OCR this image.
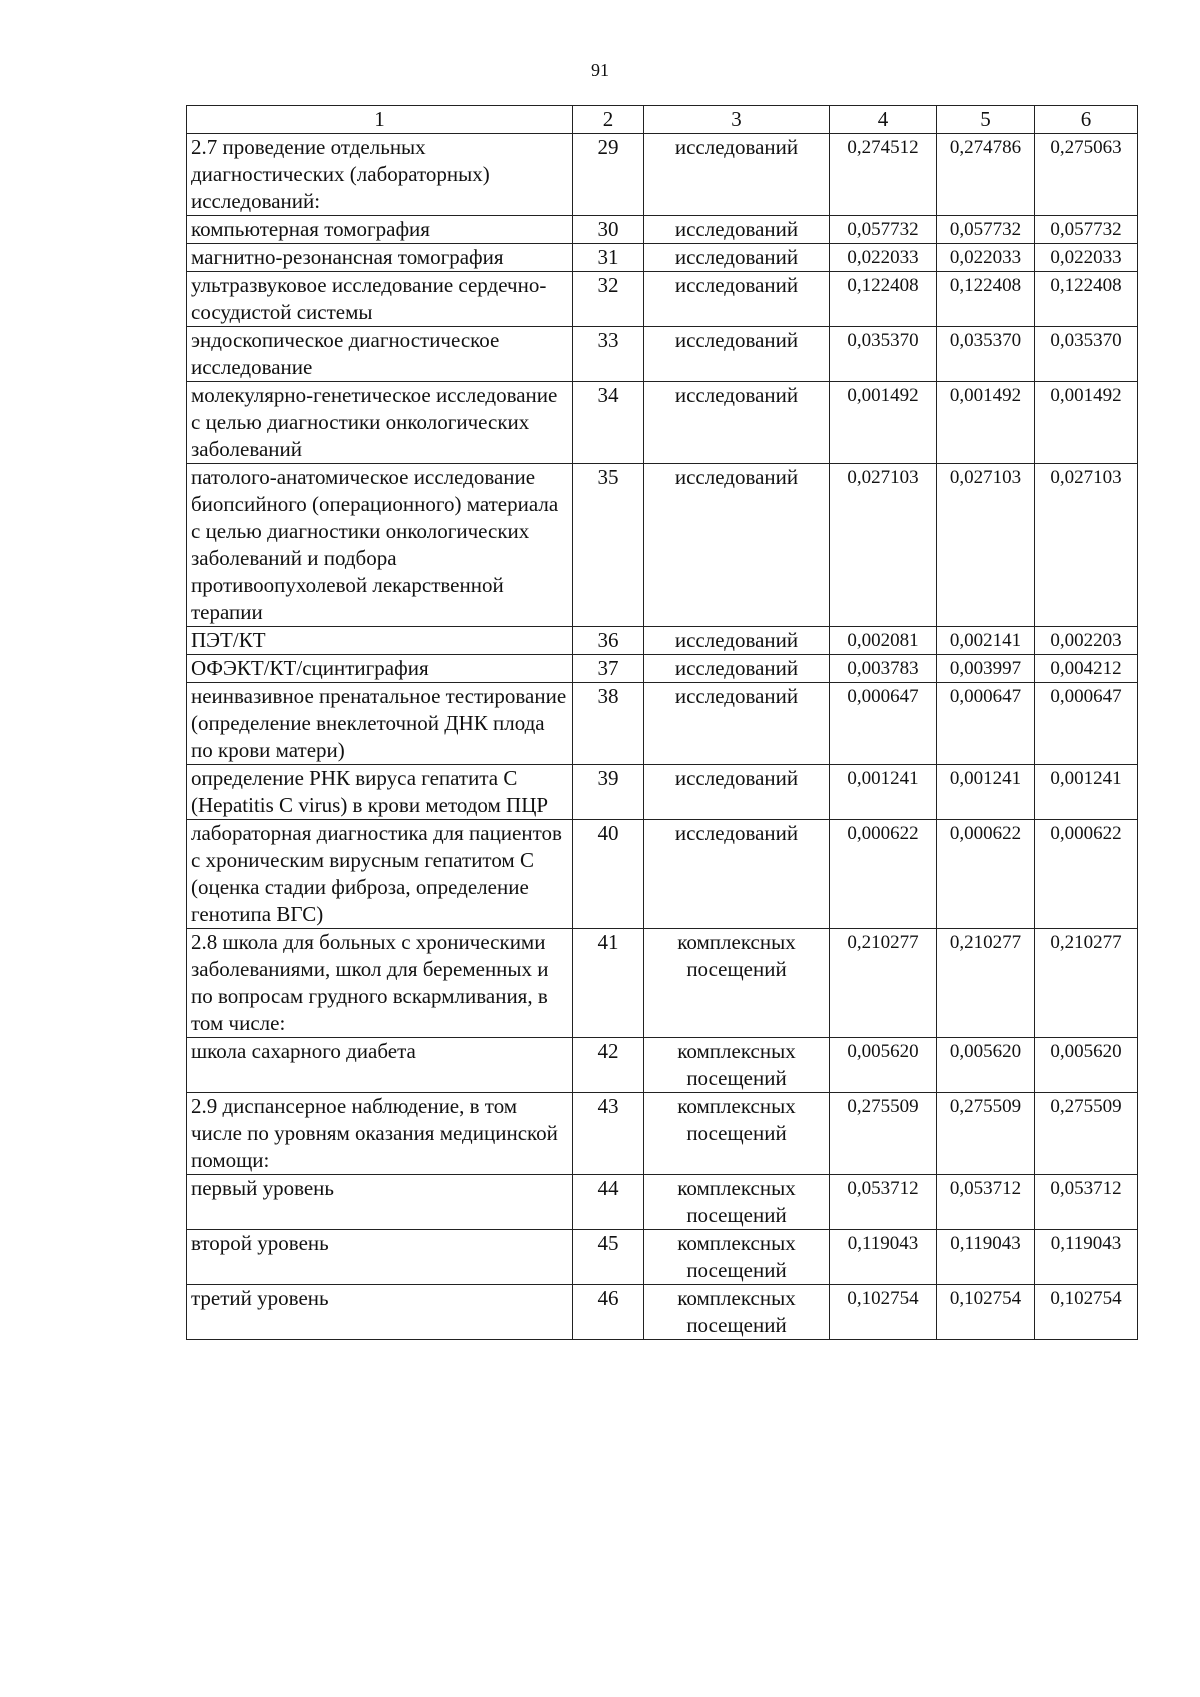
91
1	2	3	4	5	6
2.7 проведение отдельных диагностических (лабораторных) исследований:	29	исследований	0,274512	0,274786	0,275063
компьютерная томография	30	исследований	0,057732	0,057732	0,057732
магнитно-резонансная томография	31	исследований	0,022033	0,022033	0,022033
ультразвуковое исследование сердечно-сосудистой системы	32	исследований	0,122408	0,122408	0,122408
эндоскопическое диагностическое исследование	33	исследований	0,035370	0,035370	0,035370
молекулярно-генетическое исследование с целью диагностики онкологических заболеваний	34	исследований	0,001492	0,001492	0,001492
патолого-анатомическое исследование биопсийного (операционного) материала с целью диагностики онкологических заболеваний и подбора противоопухолевой лекарственной терапии	35	исследований	0,027103	0,027103	0,027103
ПЭТ/КТ	36	исследований	0,002081	0,002141	0,002203
ОФЭКТ/КТ/сцинтиграфия	37	исследований	0,003783	0,003997	0,004212
неинвазивное пренатальное тестирование (определение внеклеточной ДНК плода по крови матери)	38	исследований	0,000647	0,000647	0,000647
определение РНК вируса гепатита C (Hepatitis C virus) в крови методом ПЦР	39	исследований	0,001241	0,001241	0,001241
лабораторная диагностика для пациентов с хроническим вирусным гепатитом C (оценка стадии фиброза, определение генотипа ВГС)	40	исследований	0,000622	0,000622	0,000622
2.8 школа для больных с хроническими заболеваниями, школ для беременных и по вопросам грудного вскармливания, в том числе:	41	комплексных посещений	0,210277	0,210277	0,210277
школа сахарного диабета	42	комплексных посещений	0,005620	0,005620	0,005620
2.9 диспансерное наблюдение, в том числе по уровням оказания медицинской помощи:	43	комплексных посещений	0,275509	0,275509	0,275509
первый уровень	44	комплексных посещений	0,053712	0,053712	0,053712
второй уровень	45	комплексных посещений	0,119043	0,119043	0,119043
третий уровень	46	комплексных посещений	0,102754	0,102754	0,102754
